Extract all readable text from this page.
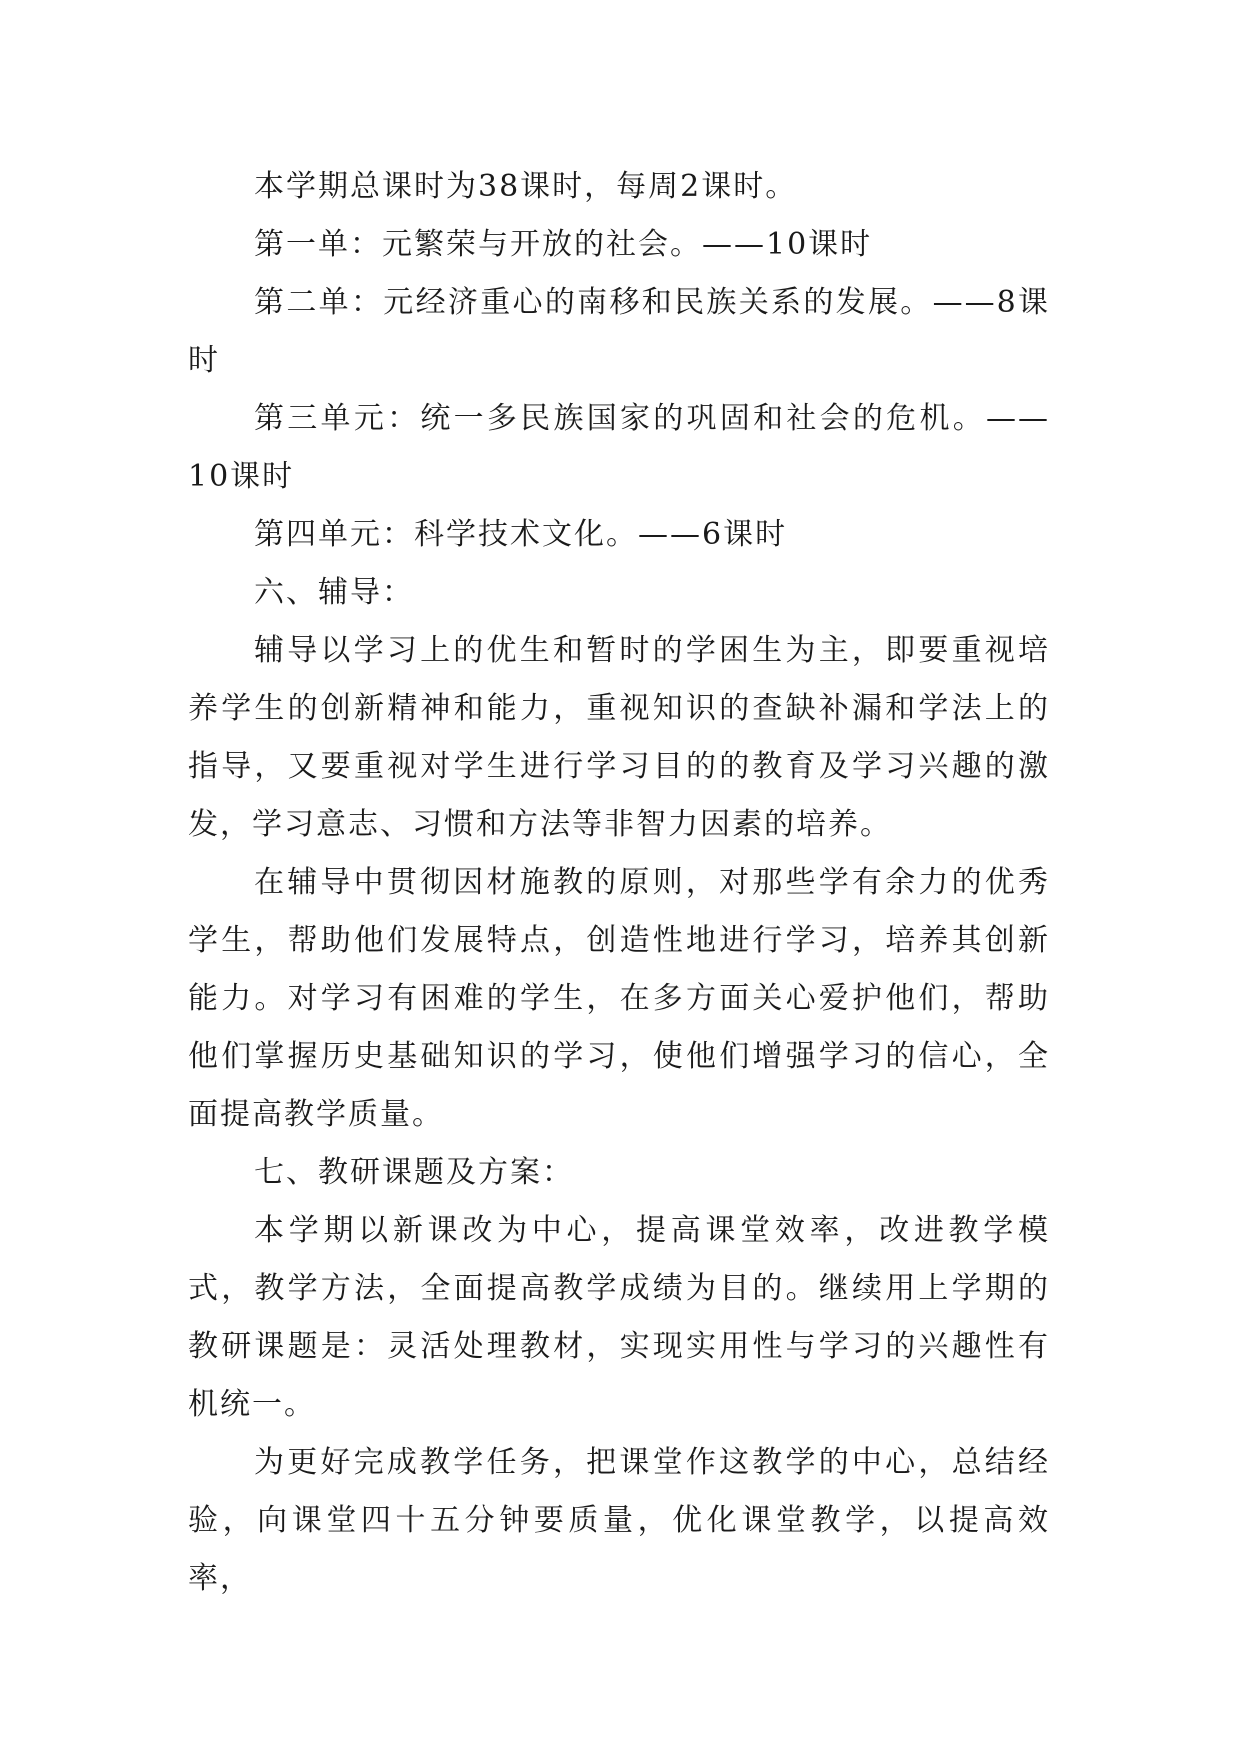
本学期总课时为38课时，每周2课时。

第一单：元繁荣与开放的社会。——10课时

第二单：元经济重心的南移和民族关系的发展。——8课时

第三单元：统一多民族国家的巩固和社会的危机。——10课时

第四单元：科学技术文化。——6课时

六、辅导：

辅导以学习上的优生和暂时的学困生为主，即要重视培养学生的创新精神和能力，重视知识的查缺补漏和学法上的指导，又要重视对学生进行学习目的的教育及学习兴趣的激发，学习意志、习惯和方法等非智力因素的培养。

在辅导中贯彻因材施教的原则，对那些学有余力的优秀学生，帮助他们发展特点，创造性地进行学习，培养其创新能力。对学习有困难的学生，在多方面关心爱护他们，帮助他们掌握历史基础知识的学习，使他们增强学习的信心，全面提高教学质量。

七、教研课题及方案：

本学期以新课改为中心，提高课堂效率，改进教学模式，教学方法，全面提高教学成绩为目的。继续用上学期的教研课题是：灵活处理教材，实现实用性与学习的兴趣性有机统一。

为更好完成教学任务，把课堂作这教学的中心，总结经验，向课堂四十五分钟要质量，优化课堂教学，以提高效率，
